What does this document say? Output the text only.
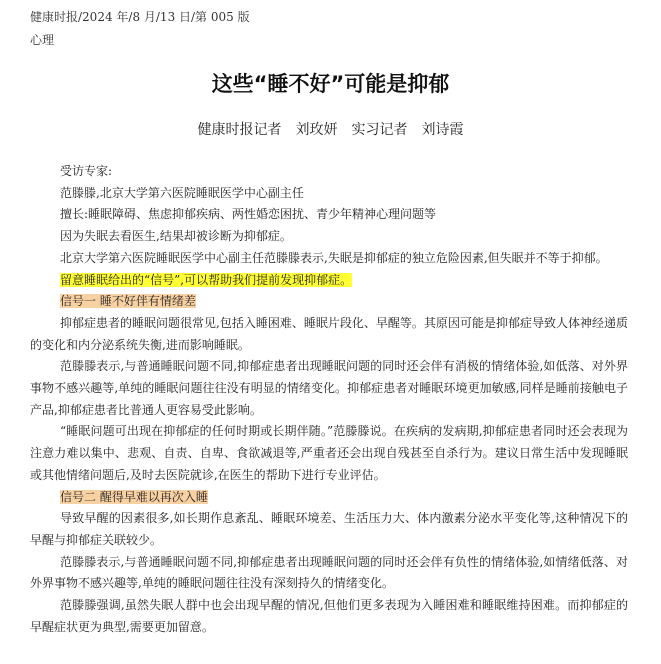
健康时报/2024 年/8 月/13 日/第 005 版
心理
这些“睡不好”可能是抑郁
健康时报记者　刘玫妍　实习记者　刘诗霞

受访专家:

范滕滕,北京大学第六医院睡眠医学中心副主任

擅长:睡眠障碍、焦虑抑郁疾病、两性婚恋困扰、青少年精神心理问题等

因为失眠去看医生,结果却被诊断为抑郁症。

北京大学第六医院睡眠医学中心副主任范滕滕表示,失眠是抑郁症的独立危险因素,但失眠并不等于抑郁。

留意睡眠给出的“信号”,可以帮助我们提前发现抑郁症。

信号一 睡不好伴有情绪差

抑郁症患者的睡眠问题很常见,包括入睡困难、睡眠片段化、早醒等。其原因可能是抑郁症导致人体神经递质的变化和内分泌系统失衡,进而影响睡眠。

范滕滕表示,与普通睡眠问题不同,抑郁症患者出现睡眠问题的同时还会伴有消极的情绪体验,如低落、对外界事物不感兴趣等,单纯的睡眠问题往往没有明显的情绪变化。抑郁症患者对睡眠环境更加敏感,同样是睡前接触电子产品,抑郁症患者比普通人更容易受此影响。

“睡眠问题可出现在抑郁症的任何时期或长期伴随。”范滕滕说。在疾病的发病期,抑郁症患者同时还会表现为注意力难以集中、悲观、自责、自卑、食欲减退等,严重者还会出现自残甚至自杀行为。建议日常生活中发现睡眠或其他情绪问题后,及时去医院就诊,在医生的帮助下进行专业评估。

信号二 醒得早难以再次入睡

导致早醒的因素很多,如长期作息紊乱、睡眠环境差、生活压力大、体内激素分泌水平变化等,这种情况下的早醒与抑郁症关联较少。

范滕滕表示,与普通睡眠问题不同,抑郁症患者出现睡眠问题的同时还会伴有负性的情绪体验,如情绪低落、对外界事物不感兴趣等,单纯的睡眠问题往往没有深刻持久的情绪变化。

范滕滕强调,虽然失眠人群中也会出现早醒的情况,但他们更多表现为入睡困难和睡眠维持困难。而抑郁症的早醒症状更为典型,需要更加留意。
